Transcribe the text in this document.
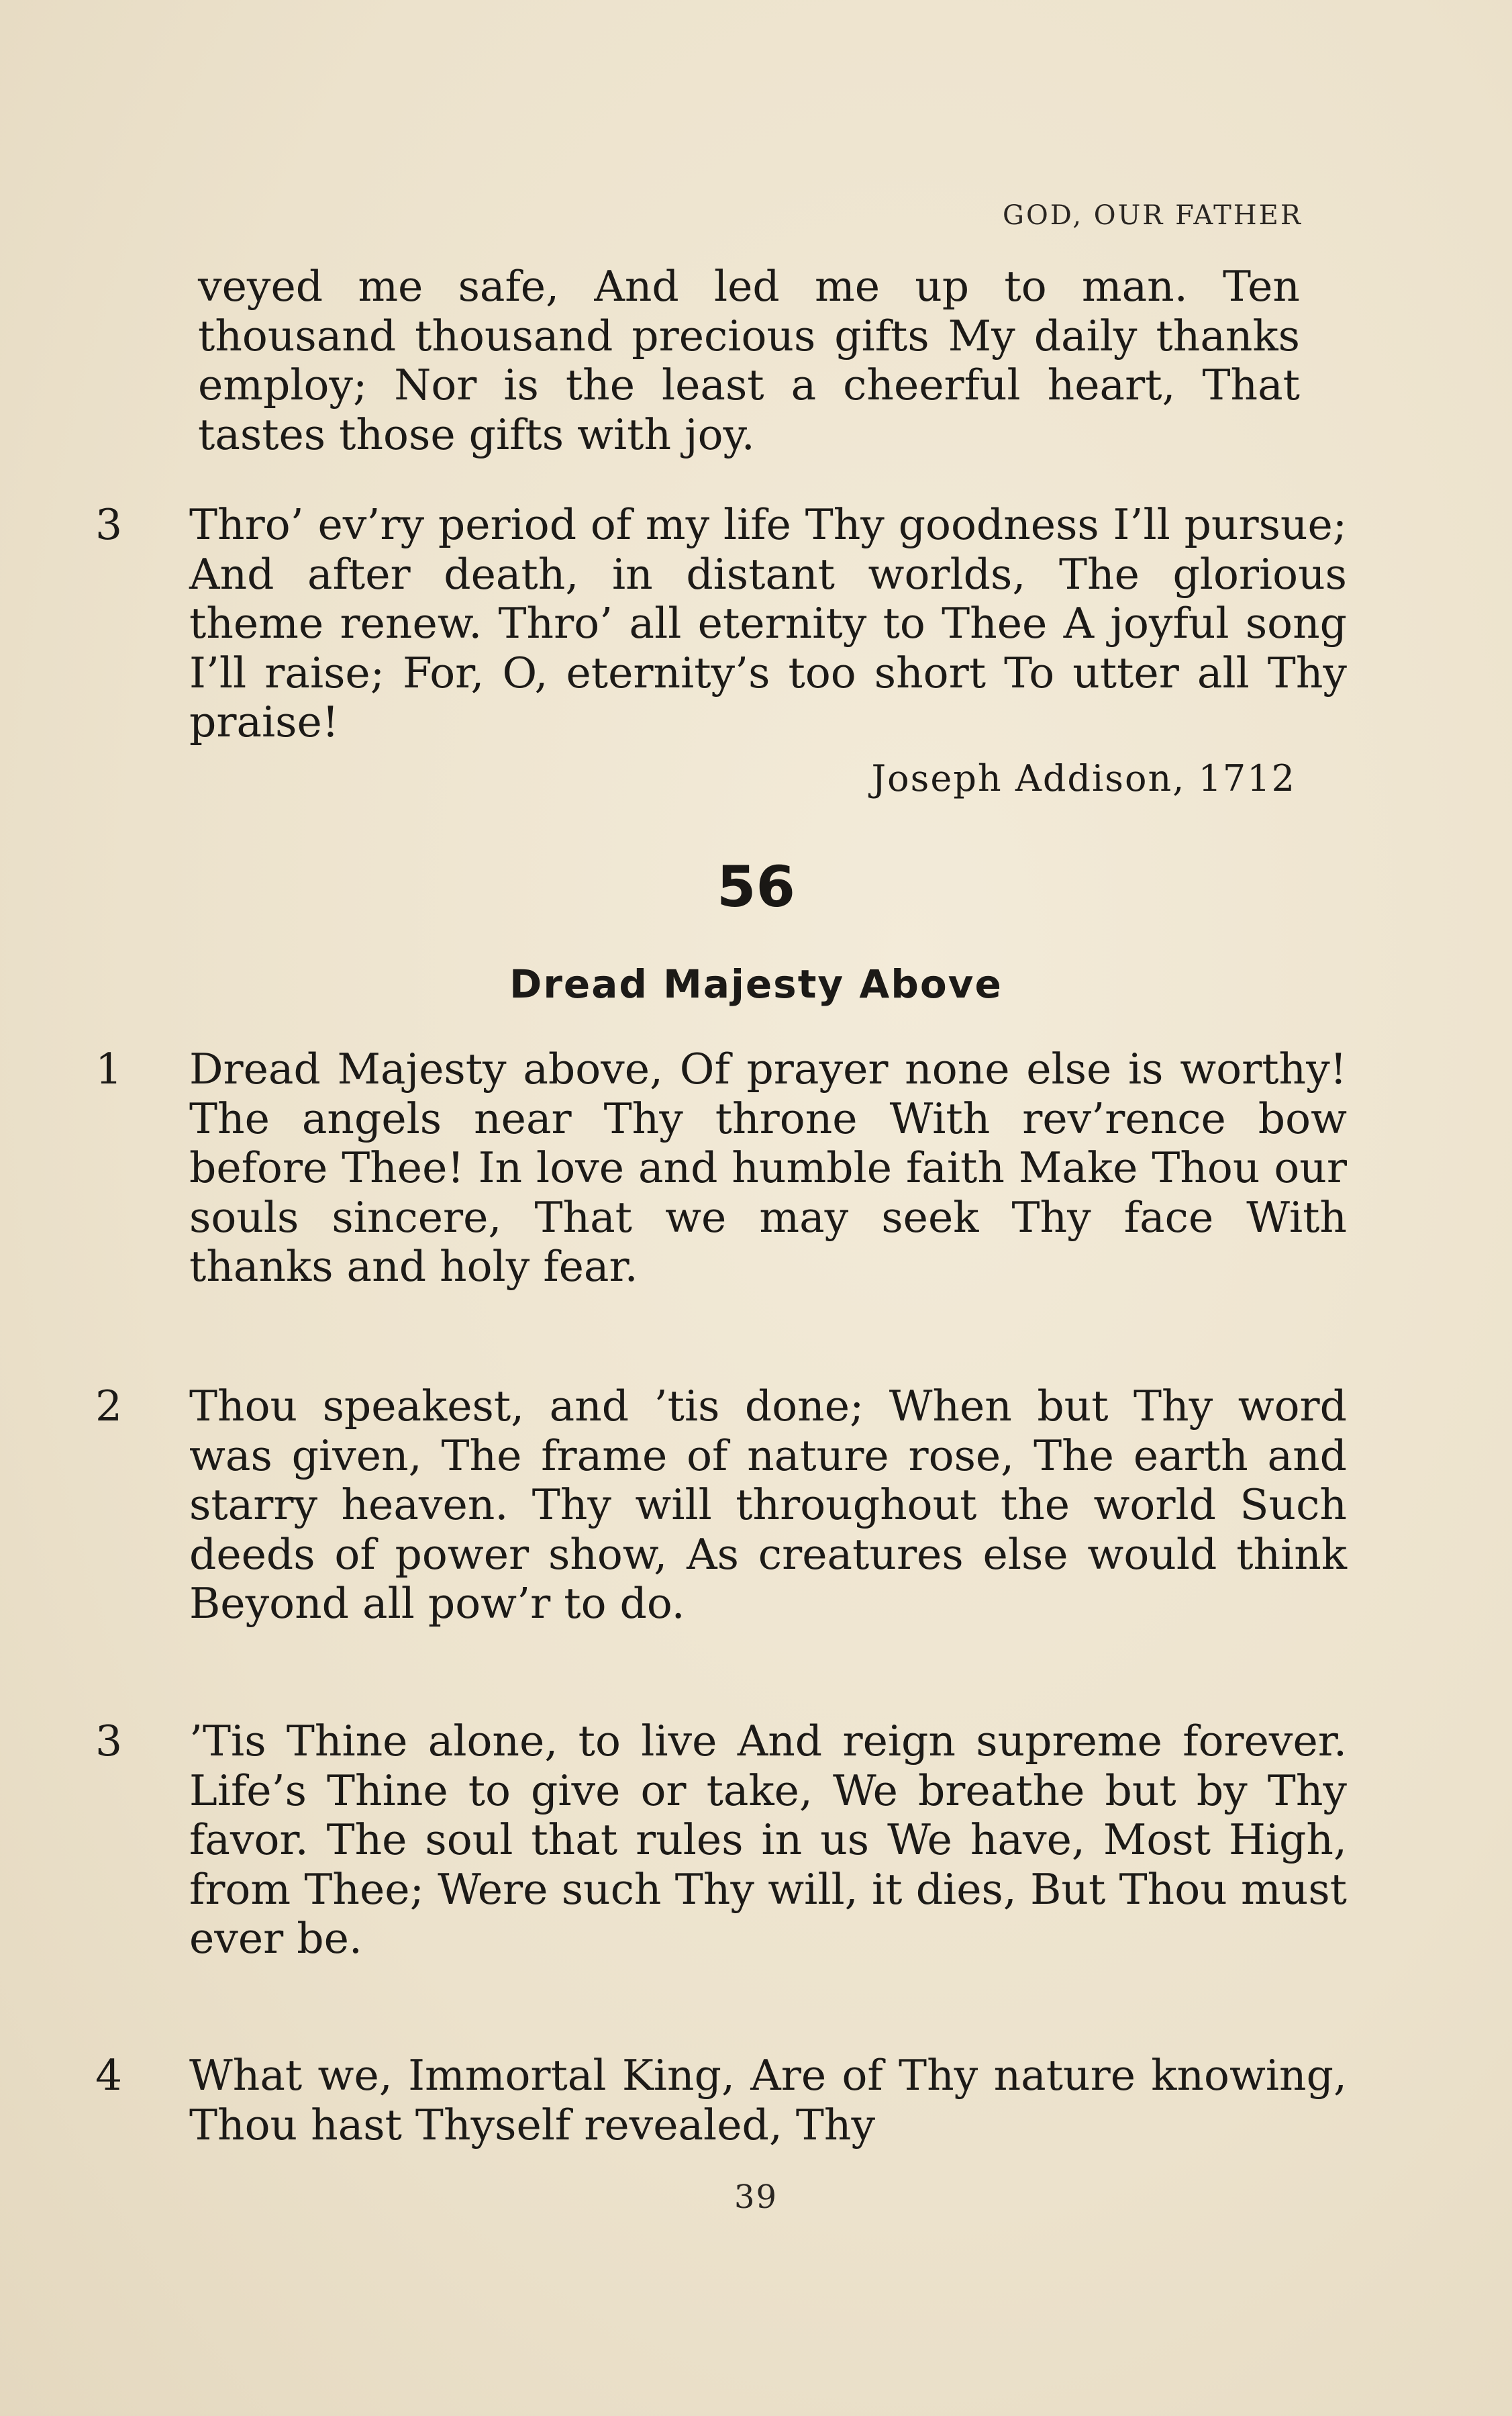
GOD, OUR FATHER
veyed me safe, And led me up to man. Ten thousand thousand precious gifts My daily thanks employ; Nor is the least a cheerful heart, That tastes those gifts with joy.
3 Thro’ ev’ry period of my life Thy goodness I’ll pursue; And after death, in distant worlds, The glorious theme renew. Thro’ all eternity to Thee A joyful song I’ll raise; For, O, eternity’s too short To utter all Thy praise!
Joseph Addison, 1712
56
Dread Majesty Above
1 Dread Majesty above, Of prayer none else is worthy! The angels near Thy throne With rev’rence bow before Thee! In love and humble faith Make Thou our souls sincere, That we may seek Thy face With thanks and holy fear.
2 Thou speakest, and ’tis done; When but Thy word was given, The frame of nature rose, The earth and starry heaven. Thy will throughout the world Such deeds of power show, As creatures else would think Beyond all pow’r to do.
3 ’Tis Thine alone, to live And reign supreme forever. Life’s Thine to give or take, We breathe but by Thy favor. The soul that rules in us We have, Most High, from Thee; Were such Thy will, it dies, But Thou must ever be.
4 What we, Immortal King, Are of Thy nature knowing, Thou hast Thyself revealed, Thy
39
